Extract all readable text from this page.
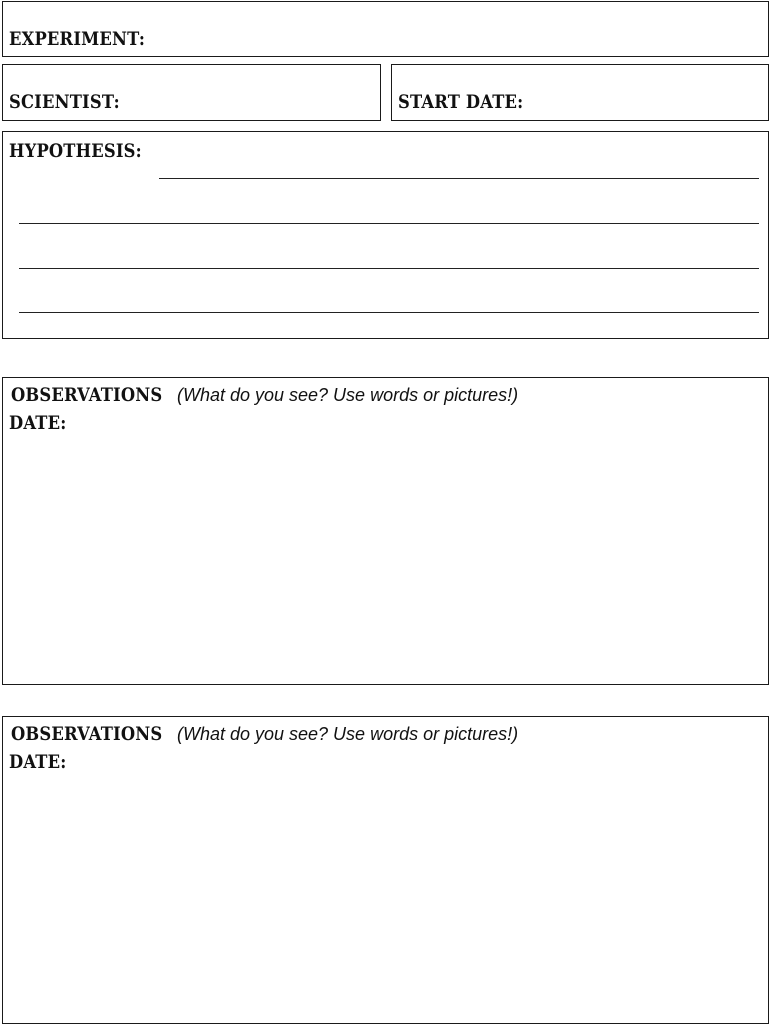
EXPERIMENT:
SCIENTIST:	START DATE:
HYPOTHESIS:
OBSERVATIONS (What do you see? Use words or pictures!)
DATE:
OBSERVATIONS (What do you see? Use words or pictures!)
DATE:
